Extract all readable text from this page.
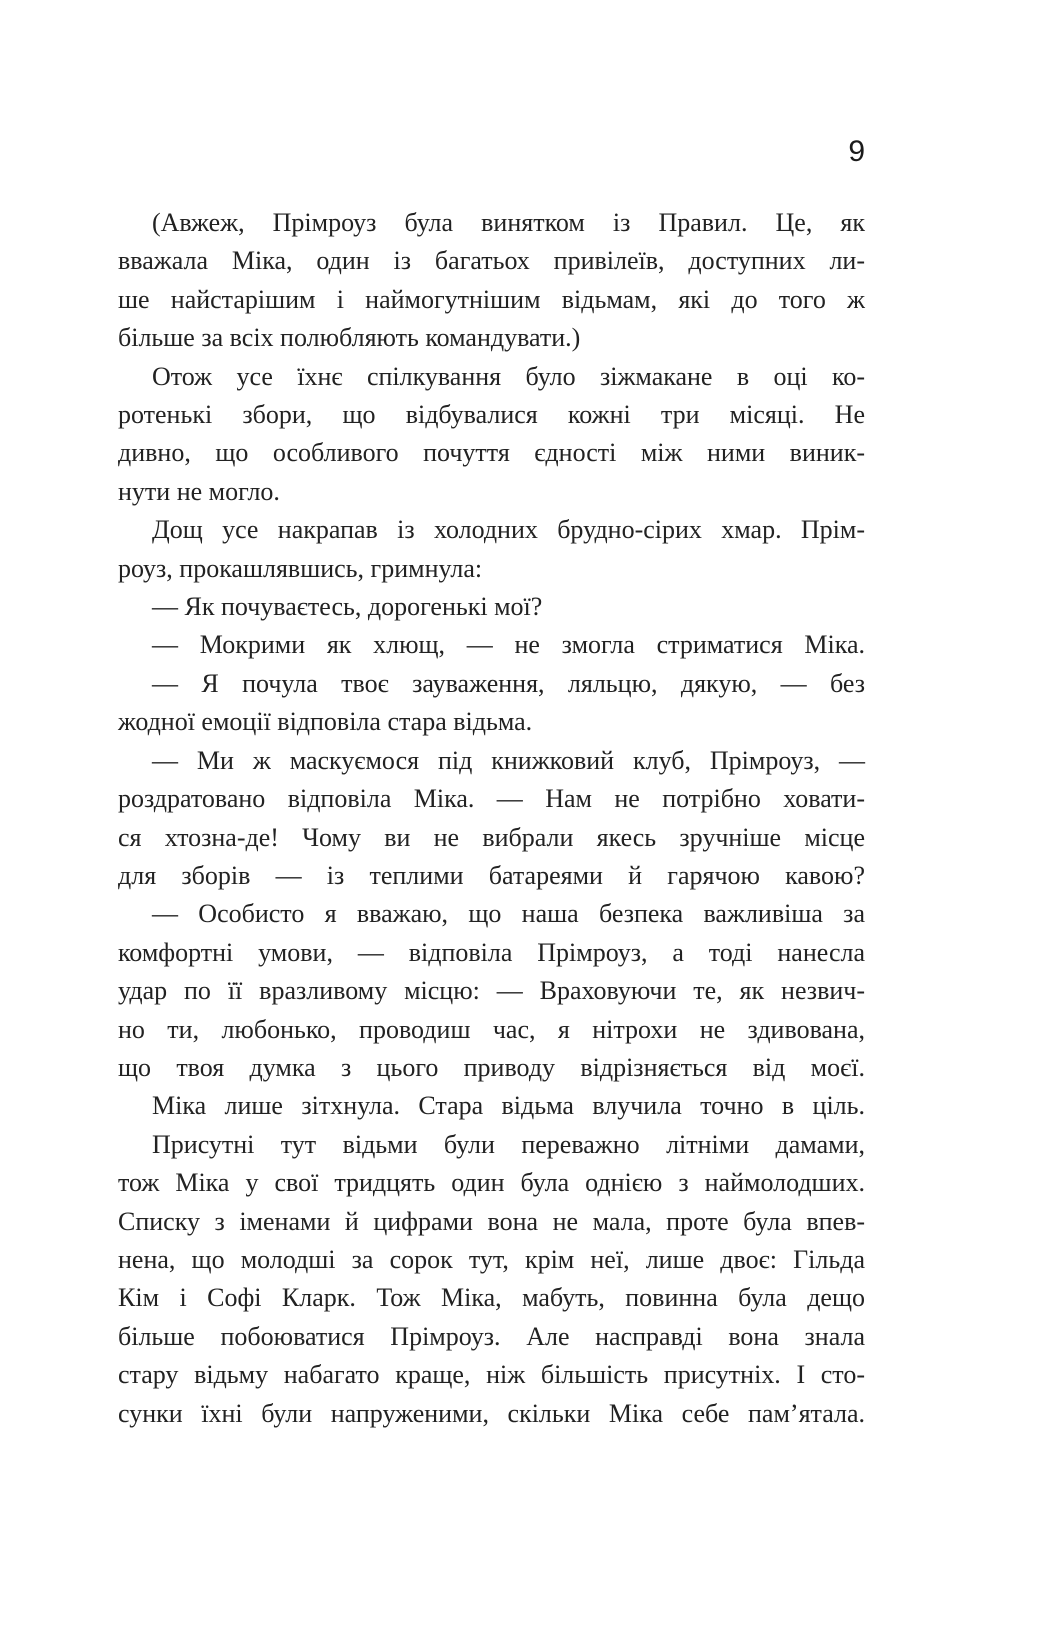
9
(Авжеж, Прімроуз була винятком із Правил. Це, як
вважала Міка, один із багатьох привілеїв, доступних ли-
ше найстарішим і наймогутнішим відьмам, які до того ж
більше за всіх полюбляють командувати.)
Отож усе їхнє спілкування було зіжмакане в оці ко-
ротенькі збори, що відбувалися кожні три місяці. Не
дивно, що особливого почуття єдності між ними виник-
нути не могло.
Дощ усе накрапав із холодних брудно-сірих хмар. Прім-
роуз, прокашлявшись, гримнула:
— Як почуваєтесь, дорогенькі мої?
— Мокрими як хлющ, — не змогла стриматися Міка.
— Я почула твоє зауваження, ляльцю, дякую, — без
жодної емоції відповіла стара відьма.
— Ми ж маскуємося під книжковий клуб, Прімроуз, —
роздратовано відповіла Міка. — Нам не потрібно ховати-
ся хтозна-де! Чому ви не вибрали якесь зручніше місце
для зборів — із теплими батареями й гарячою кавою?
— Особисто я вважаю, що наша безпека важливіша за
комфортні умови, — відповіла Прімроуз, а тоді нанесла
удар по її вразливому місцю: — Враховуючи те, як незвич-
но ти, любонько, проводиш час, я нітрохи не здивована,
що твоя думка з цього приводу відрізняється від моєї.
Міка лише зітхнула. Стара відьма влучила точно в ціль.
Присутні тут відьми були переважно літніми дамами,
тож Міка у свої тридцять один була однією з наймолодших.
Списку з іменами й цифрами вона не мала, проте була впев-
нена, що молодші за сорок тут, крім неї, лише двоє: Гільда
Кім і Софі Кларк. Тож Міка, мабуть, повинна була дещо
більше побоюватися Прімроуз. Але насправді вона знала
стару відьму набагато краще, ніж більшість присутніх. І сто-
сунки їхні були напруженими, скільки Міка себе пам’ятала.
